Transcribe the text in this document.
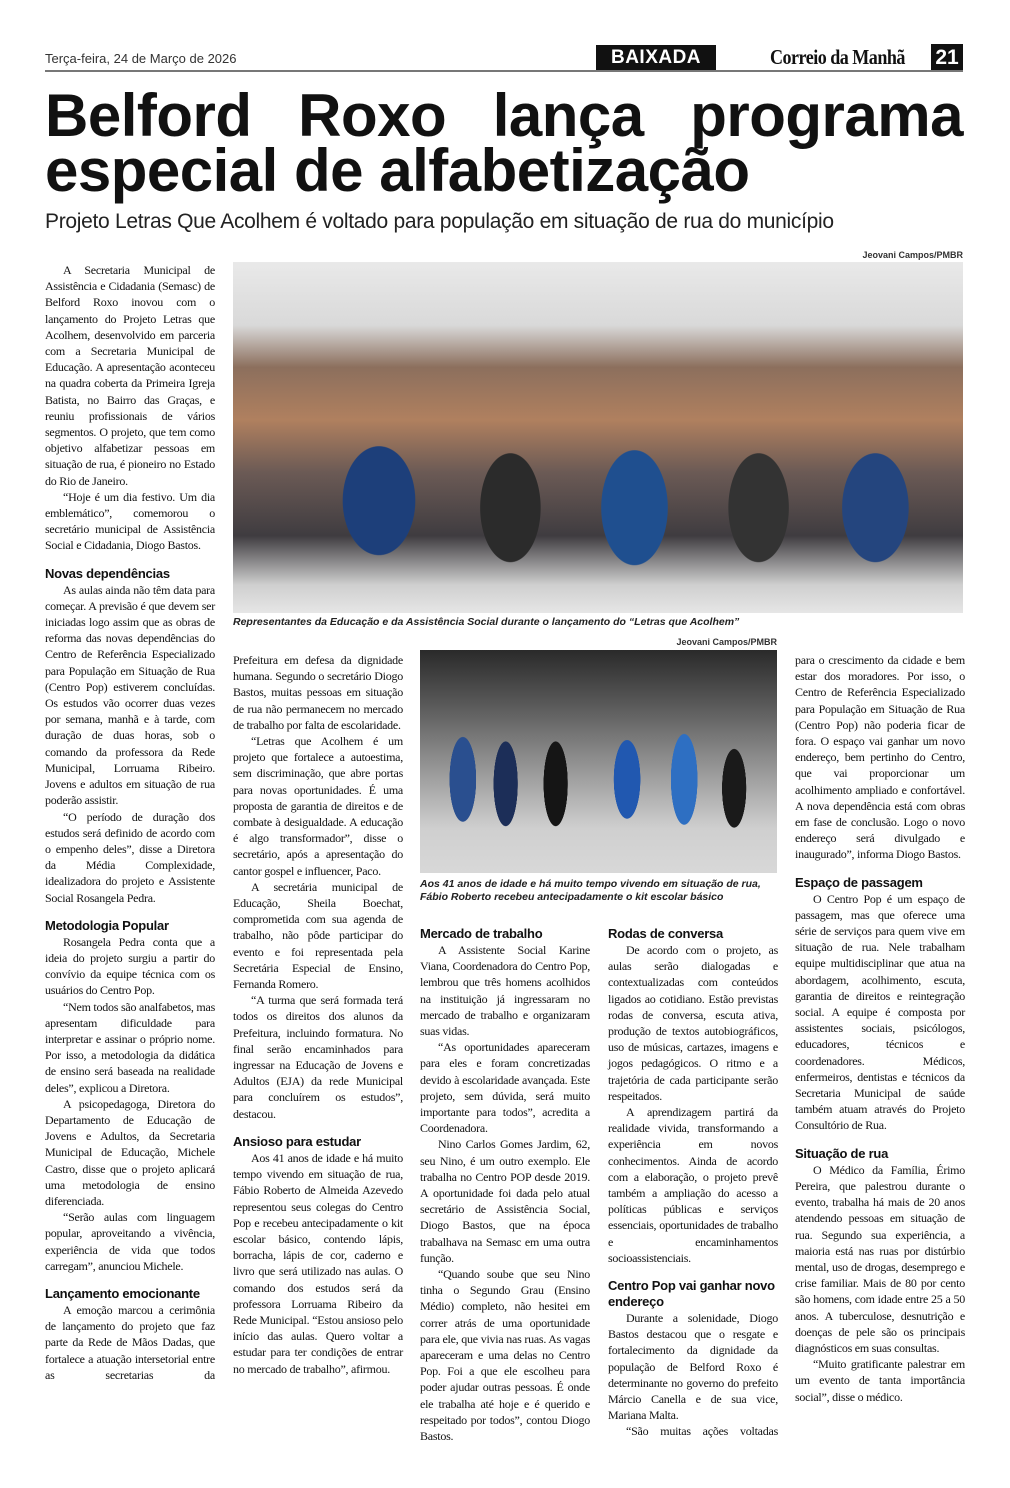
Terça-feira, 24 de Março de 2026	BAIXADA	Correio da Manhã 21
Belford Roxo lança programa
especial de alfabetização
Projeto Letras Que Acolhem é voltado para população em situação de rua do município
Jeovani Campos/PMBR
Representantes da Educação e da Assistência Social durante o lançamento do “Letras que Acolhem”
Jeovani Campos/PMBR
Aos 41 anos de idade e há muito tempo vivendo em situação de rua, Fábio Roberto recebeu antecipadamente o kit escolar básico

A Secretaria Municipal de Assistência e Cidadania (Semasc) de Belford Roxo inovou com o lançamento do Projeto Letras que Acolhem, desenvolvido em parceria com a Secretaria Municipal de Educação. A apresentação aconteceu na quadra coberta da Primeira Igreja Batista, no Bairro das Graças, e reuniu profissionais de vários segmentos. O projeto, que tem como objetivo alfabetizar pessoas em situação de rua, é pioneiro no Estado do Rio de Janeiro.

“Hoje é um dia festivo. Um dia emblemático”, comemorou o secretário municipal de Assistência Social e Cidadania, Diogo Bastos.

Novas dependências

As aulas ainda não têm data para começar. A previsão é que devem ser iniciadas logo assim que as obras de reforma das novas dependências do Centro de Referência Especializado para População em Situação de Rua (Centro Pop) estiverem concluídas. Os estudos vão ocorrer duas vezes por semana, manhã e à tarde, com duração de duas horas, sob o comando da professora da Rede Municipal, Lorruama Ribeiro. Jovens e adultos em situação de rua poderão assistir.

“O período de duração dos estudos será definido de acordo com o empenho deles”, disse a Diretora da Média Complexidade, idealizadora do projeto e Assistente Social Rosangela Pedra.

Metodologia Popular

Rosangela Pedra conta que a ideia do projeto surgiu a partir do convívio da equipe técnica com os usuários do Centro Pop.

“Nem todos são analfabetos, mas apresentam dificuldade para interpretar e assinar o próprio nome. Por isso, a metodologia da didática de ensino será baseada na realidade deles”, explicou a Diretora.

A psicopedagoga, Diretora do Departamento de Educação de Jovens e Adultos, da Secretaria Municipal de Educação, Michele Castro, disse que o projeto aplicará uma metodologia de ensino diferenciada.

“Serão aulas com linguagem popular, aproveitando a vivência, experiência de vida que todos carregam”, anunciou Michele.

Lançamento emocionante

A emoção marcou a cerimônia de lançamento do projeto que faz parte da Rede de Mãos Dadas, que fortalece a atuação intersetorial entre as secretarias da

Prefeitura em defesa da dignidade humana. Segundo o secretário Diogo Bastos, muitas pessoas em situação de rua não permanecem no mercado de trabalho por falta de escolaridade.

“Letras que Acolhem é um projeto que fortalece a autoestima, sem discriminação, que abre portas para novas oportunidades. É uma proposta de garantia de direitos e de combate à desigualdade. A educação é algo transformador”, disse o secretário, após a apresentação do cantor gospel e influencer, Paco.

A secretária municipal de Educação, Sheila Boechat, comprometida com sua agenda de trabalho, não pôde participar do evento e foi representada pela Secretária Especial de Ensino, Fernanda Romero.

“A turma que será formada terá todos os direitos dos alunos da Prefeitura, incluindo formatura. No final serão encaminhados para ingressar na Educação de Jovens e Adultos (EJA) da rede Municipal para concluírem os estudos”, destacou.

Ansioso para estudar

Aos 41 anos de idade e há muito tempo vivendo em situação de rua, Fábio Roberto de Almeida Azevedo representou seus colegas do Centro Pop e recebeu antecipadamente o kit escolar básico, contendo lápis, borracha, lápis de cor, caderno e livro que será utilizado nas aulas. O comando dos estudos será da professora Lorruama Ribeiro da Rede Municipal. “Estou ansioso pelo início das aulas. Quero voltar a estudar para ter condições de entrar no mercado de trabalho”, afirmou.

Mercado de trabalho

A Assistente Social Karine Viana, Coordenadora do Centro Pop, lembrou que três homens acolhidos na instituição já ingressaram no mercado de trabalho e organizaram suas vidas.

“As oportunidades apareceram para eles e foram concretizadas devido à escolaridade avançada. Este projeto, sem dúvida, será muito importante para todos”, acredita a Coordenadora.

Nino Carlos Gomes Jardim, 62, seu Nino, é um outro exemplo. Ele trabalha no Centro POP desde 2019. A oportunidade foi dada pelo atual secretário de Assistência Social, Diogo Bastos, que na época trabalhava na Semasc em uma outra função.

“Quando soube que seu Nino tinha o Segundo Grau (Ensino Médio) completo, não hesitei em correr atrás de uma oportunidade para ele, que vivia nas ruas. As vagas apareceram e uma delas no Centro Pop. Foi a que ele escolheu para poder ajudar outras pessoas. É onde ele trabalha até hoje e é querido e respeitado por todos”, contou Diogo Bastos.

Rodas de conversa

De acordo com o projeto, as aulas serão dialogadas e contextualizadas com conteúdos ligados ao cotidiano. Estão previstas rodas de conversa, escuta ativa, produção de textos autobiográficos, uso de músicas, cartazes, imagens e jogos pedagógicos. O ritmo e a trajetória de cada participante serão respeitados.

A aprendizagem partirá da realidade vivida, transformando a experiência em novos conhecimentos. Ainda de acordo com a elaboração, o projeto prevê também a ampliação do acesso a políticas públicas e serviços essenciais, oportunidades de trabalho e encaminhamentos socioassistenciais.

Centro Pop vai ganhar novo endereço

Durante a solenidade, Diogo Bastos destacou que o resgate e fortalecimento da dignidade da população de Belford Roxo é determinante no governo do prefeito Márcio Canella e de sua vice, Mariana Malta.

“São muitas ações voltadas

para o crescimento da cidade e bem estar dos moradores. Por isso, o Centro de Referência Especializado para População em Situação de Rua (Centro Pop) não poderia ficar de fora. O espaço vai ganhar um novo endereço, bem pertinho do Centro, que vai proporcionar um acolhimento ampliado e confortável. A nova dependência está com obras em fase de conclusão. Logo o novo endereço será divulgado e inaugurado”, informa Diogo Bastos.

Espaço de passagem

O Centro Pop é um espaço de passagem, mas que oferece uma série de serviços para quem vive em situação de rua. Nele trabalham equipe multidisciplinar que atua na abordagem, acolhimento, escuta, garantia de direitos e reintegração social. A equipe é composta por assistentes sociais, psicólogos, educadores, técnicos e coordenadores. Médicos, enfermeiros, dentistas e técnicos da Secretaria Municipal de saúde também atuam através do Projeto Consultório de Rua.

Situação de rua

O Médico da Família, Érimo Pereira, que palestrou durante o evento, trabalha há mais de 20 anos atendendo pessoas em situação de rua. Segundo sua experiência, a maioria está nas ruas por distúrbio mental, uso de drogas, desemprego e crise familiar. Mais de 80 por cento são homens, com idade entre 25 a 50 anos. A tuberculose, desnutrição e doenças de pele são os principais diagnósticos em suas consultas.

“Muito gratificante palestrar em um evento de tanta importância social”, disse o médico.
